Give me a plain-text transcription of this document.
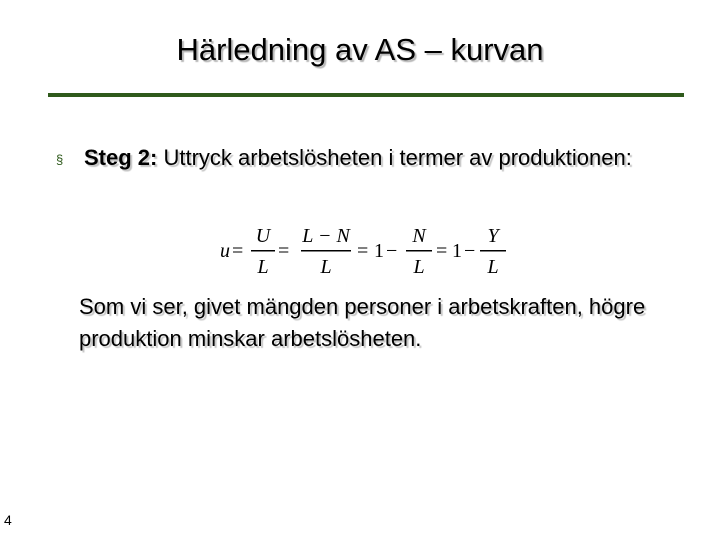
Härledning av AS – kurvan
§ Steg 2: Uttryck arbetslösheten i termer av produktionen:
u =
U
L
=
L − N
L
= 1 −
N
L
= 1 −
Y
L
Som vi ser, givet mängden personer i arbetskraften, högre produktion minskar arbetslösheten.
4
